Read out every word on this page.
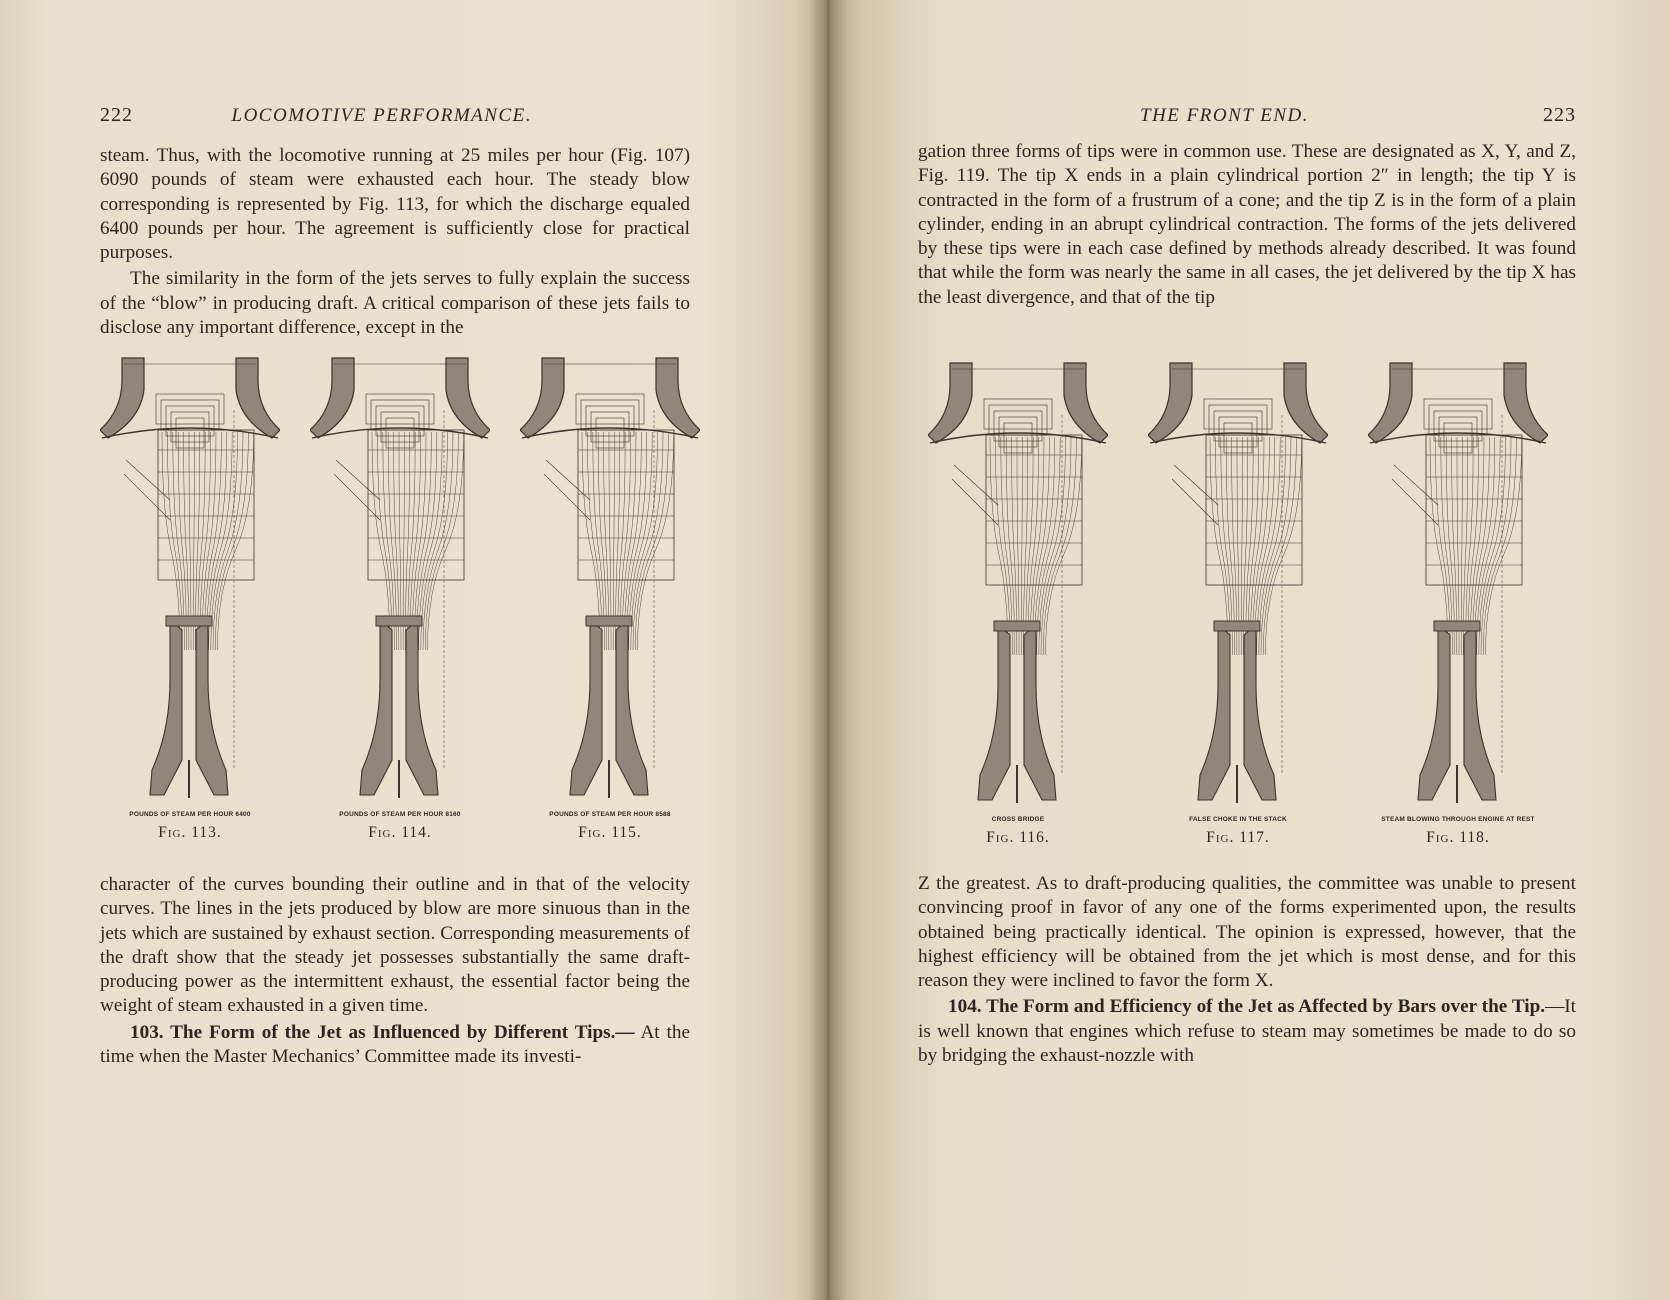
222	LOCOMOTIVE PERFORMANCE.

steam. Thus, with the locomotive running at 25 miles per hour (Fig. 107) 6090 pounds of steam were exhausted each hour. The steady blow corresponding is represented by Fig. 113, for which the discharge equaled 6400 pounds per hour. The agreement is sufficiently close for practical purposes.

The similarity in the form of the jets serves to fully explain the success of the “blow” in producing draft. A critical comparison of these jets fails to disclose any important difference, except in the

POUNDS OF STEAM PER HOUR 6400
Fig. 113.
POUNDS OF STEAM PER HOUR 8160
Fig. 114.
POUNDS OF STEAM PER HOUR 8588
Fig. 115.

character of the curves bounding their outline and in that of the velocity curves. The lines in the jets produced by blow are more sinuous than in the jets which are sustained by exhaust section. Corresponding measurements of the draft show that the steady jet possesses substantially the same draft-producing power as the intermittent exhaust, the essential factor being the weight of steam exhausted in a given time.

103. The Form of the Jet as Influenced by Different Tips.— At the time when the Master Mechanics’ Committee made its investi-

THE FRONT END.	223

gation three forms of tips were in common use. These are designated as X, Y, and Z, Fig. 119. The tip X ends in a plain cylindrical portion 2″ in length; the tip Y is contracted in the form of a frustrum of a cone; and the tip Z is in the form of a plain cylinder, ending in an abrupt cylindrical contraction. The forms of the jets delivered by these tips were in each case defined by methods already described. It was found that while the form was nearly the same in all cases, the jet delivered by the tip X has the least divergence, and that of the tip

CROSS BRIDGE
Fig. 116.
FALSE CHOKE IN THE STACK
Fig. 117.
STEAM BLOWING THROUGH ENGINE AT REST
Fig. 118.

Z the greatest. As to draft-producing qualities, the committee was unable to present convincing proof in favor of any one of the forms experimented upon, the results obtained being practically identical. The opinion is expressed, however, that the highest efficiency will be obtained from the jet which is most dense, and for this reason they were inclined to favor the form X.

104. The Form and Efficiency of the Jet as Affected by Bars over the Tip.—It is well known that engines which refuse to steam may sometimes be made to do so by bridging the exhaust-nozzle with
